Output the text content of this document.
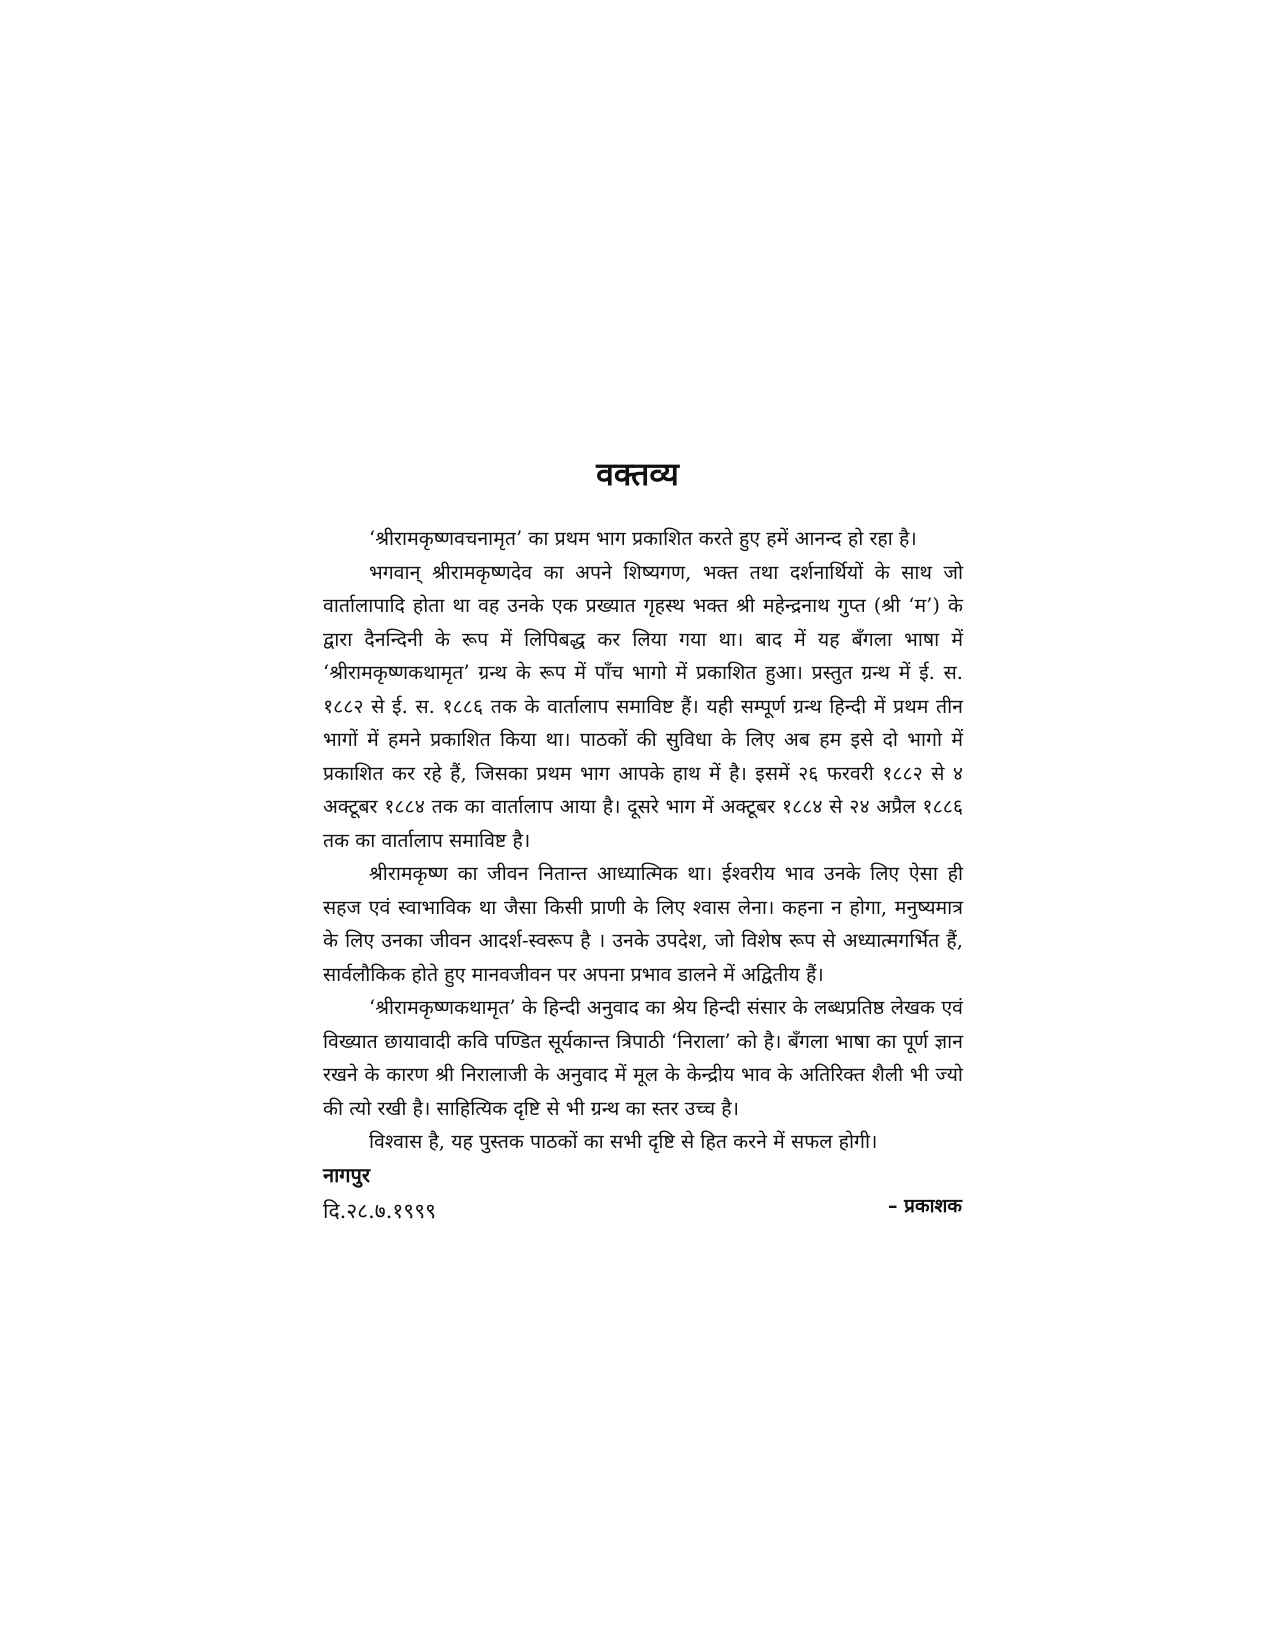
वक्तव्य

‘श्रीरामकृष्णवचनामृत’ का प्रथम भाग प्रकाशित करते हुए हमें आनन्द हो रहा है।

भगवान् श्रीरामकृष्णदेव का अपने शिष्यगण, भक्त तथा दर्शनार्थियों के साथ जो वार्तालापादि होता था वह उनके एक प्रख्यात गृहस्थ भक्त श्री महेन्द्रनाथ गुप्त (श्री ‘म’) के द्वारा दैनन्दिनी के रूप में लिपिबद्ध कर लिया गया था। बाद में यह बँगला भाषा में ‘श्रीरामकृष्णकथामृत’ ग्रन्थ के रूप में पाँच भागो में प्रकाशित हुआ। प्रस्तुत ग्रन्थ में ई. स. १८८२ से ई. स. १८८६ तक के वार्तालाप समाविष्ट हैं। यही सम्पूर्ण ग्रन्थ हिन्दी में प्रथम तीन भागों में हमने प्रकाशित किया था। पाठकों की सुविधा के लिए अब हम इसे दो भागो में प्रकाशित कर रहे हैं, जिसका प्रथम भाग आपके हाथ में है। इसमें २६ फरवरी १८८२ से ४ अक्टूबर १८८४ तक का वार्तालाप आया है। दूसरे भाग में अक्टूबर १८८४ से २४ अप्रैल १८८६ तक का वार्तालाप समाविष्ट है।

श्रीरामकृष्ण का जीवन नितान्त आध्यात्मिक था। ईश्वरीय भाव उनके लिए ऐसा ही सहज एवं स्वाभाविक था जैसा किसी प्राणी के लिए श्वास लेना। कहना न होगा, मनुष्यमात्र के लिए उनका जीवन आदर्श-स्वरूप है । उनके उपदेश, जो विशेष रूप से अध्यात्मगर्भित हैं, सार्वलौकिक होते हुए मानवजीवन पर अपना प्रभाव डालने में अद्वितीय हैं।

‘श्रीरामकृष्णकथामृत’ के हिन्दी अनुवाद का श्रेय हिन्दी संसार के लब्धप्रतिष्ठ लेखक एवं विख्यात छायावादी कवि पण्डित सूर्यकान्त त्रिपाठी ‘निराला’ को है। बँगला भाषा का पूर्ण ज्ञान रखने के कारण श्री निरालाजी के अनुवाद में मूल के केन्द्रीय भाव के अतिरिक्त शैली भी ज्यो की त्यो रखी है। साहित्यिक दृष्टि से भी ग्रन्थ का स्तर उच्च है।

विश्वास है, यह पुस्तक पाठकों का सभी दृष्टि से हित करने में सफल होगी।

नागपुर
दि.२८.७.१९९९	– प्रकाशक
